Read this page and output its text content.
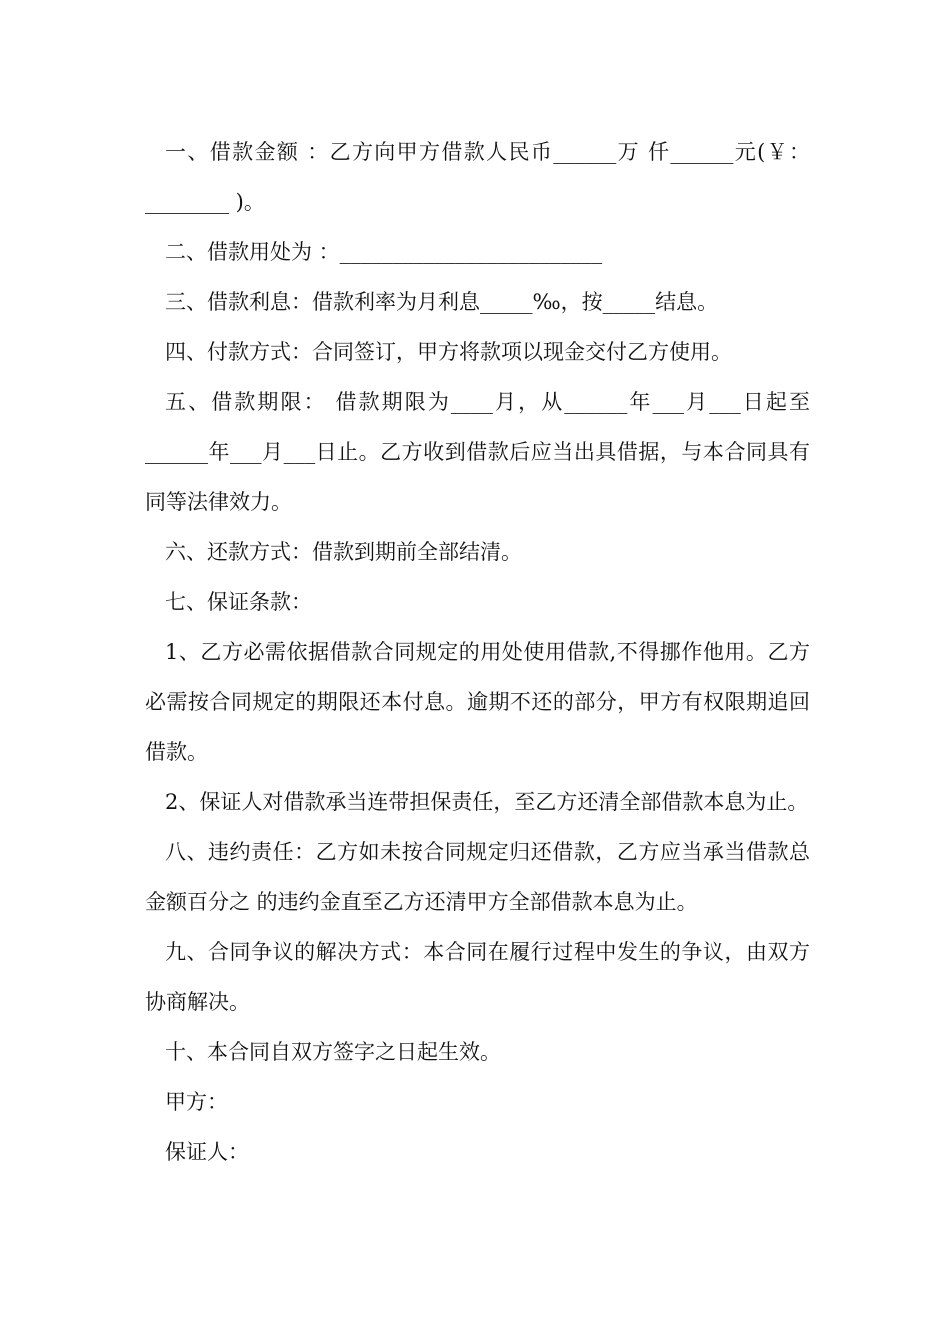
一、借款金额 ：乙方向甲方借款人民币______万 仟______元(￥：________ )。

二、借款用处为 ：_________________________

三、借款利息：借款利率为月利息_____‰，按_____结息。

四、付款方式：合同签订，甲方将款项以现金交付乙方使用。

五、借款期限： 借款期限为____月，从______年___月___日起至______年___月___日止。乙方收到借款后应当出具借据，与本合同具有同等法律效力。

六、还款方式：借款到期前全部结清。

七、保证条款：

1、乙方必需依据借款合同规定的用处使用借款,不得挪作他用。乙方必需按合同规定的期限还本付息。逾期不还的部分，甲方有权限期追回借款。

2、保证人对借款承当连带担保责任，至乙方还清全部借款本息为止。

八、违约责任：乙方如未按合同规定归还借款，乙方应当承当借款总金额百分之 的违约金直至乙方还清甲方全部借款本息为止。

九、合同争议的解决方式：本合同在履行过程中发生的争议，由双方协商解决。

十、本合同自双方签字之日起生效。

甲方：

保证人：
